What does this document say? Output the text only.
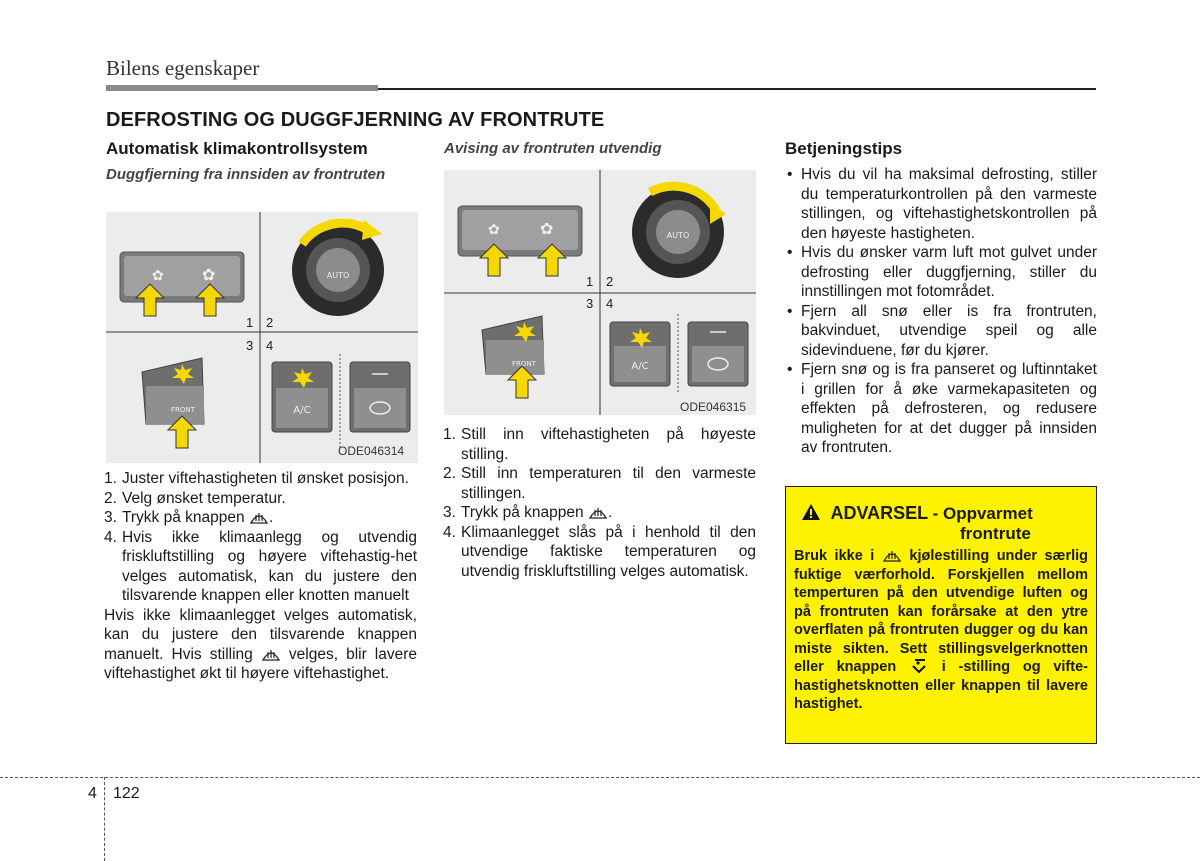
Bilens egenskaper
DEFROSTING OG DUGGFJERNING AV FRONTRUTE
Automatisk klimakontrollsystem
Duggfjerning fra innsiden av frontruten
✿ ✿	AUTO
1 2
3 4
FRONT	A/C
ODE046314
1. Juster viftehastigheten til ønsket posisjon.
2. Velg ønsket temperatur.
3. Trykk på knappen .
4. Hvis ikke klimaanlegg og utvendig friskluftstilling og høyere viftehastig-het velges automatisk, kan du justere den tilsvarende knappen eller knotten manuelt
Hvis ikke klimaanlegget velges automatisk, kan du justere den tilsvarende knappen manuelt. Hvis stilling velges, blir lavere viftehastighet økt til høyere viftehastighet.
Avising av frontruten utvendig
✿	✿	AUTO
1 2
3 4
FRONT	A/C
ODE046315
1. Still inn viftehastigheten på høyeste stilling.
2. Still inn temperaturen til den varmeste stillingen.
3. Trykk på knappen .
4. Klimaanlegget slås på i henhold til den utvendige faktiske temperaturen og utvendig friskluftstilling velges automatisk.
Betjeningstips
• Hvis du vil ha maksimal defrosting, stiller du temperaturkontrollen på den varmeste stillingen, og viftehastighetskontrollen på den høyeste hastigheten.
• Hvis du ønsker varm luft mot gulvet under defrosting eller duggfjerning, stiller du innstillingen mot fotområdet.
• Fjern all snø eller is fra frontruten, bakvinduet, utvendige speil og alle sidevinduene, før du kjører.
• Fjern snø og is fra panseret og luftinntaket i grillen for å øke varmekapasiteten og effekten på defrosteren, og redusere muligheten for at det dugger på innsiden av frontruten.
ADVARSEL - Oppvarmet
frontrute
Bruk ikke i kjølestilling under særlig fuktige værforhold. Forskjellen mellom temperturen på den utvendige luften og på frontruten kan forårsake at den ytre overflaten på frontruten dugger og du kan miste sikten. Sett stillingsvelgerknotten eller knappen	i -stilling og vifte-hastighetsknotten eller knappen til lavere hastighet.
4 122
